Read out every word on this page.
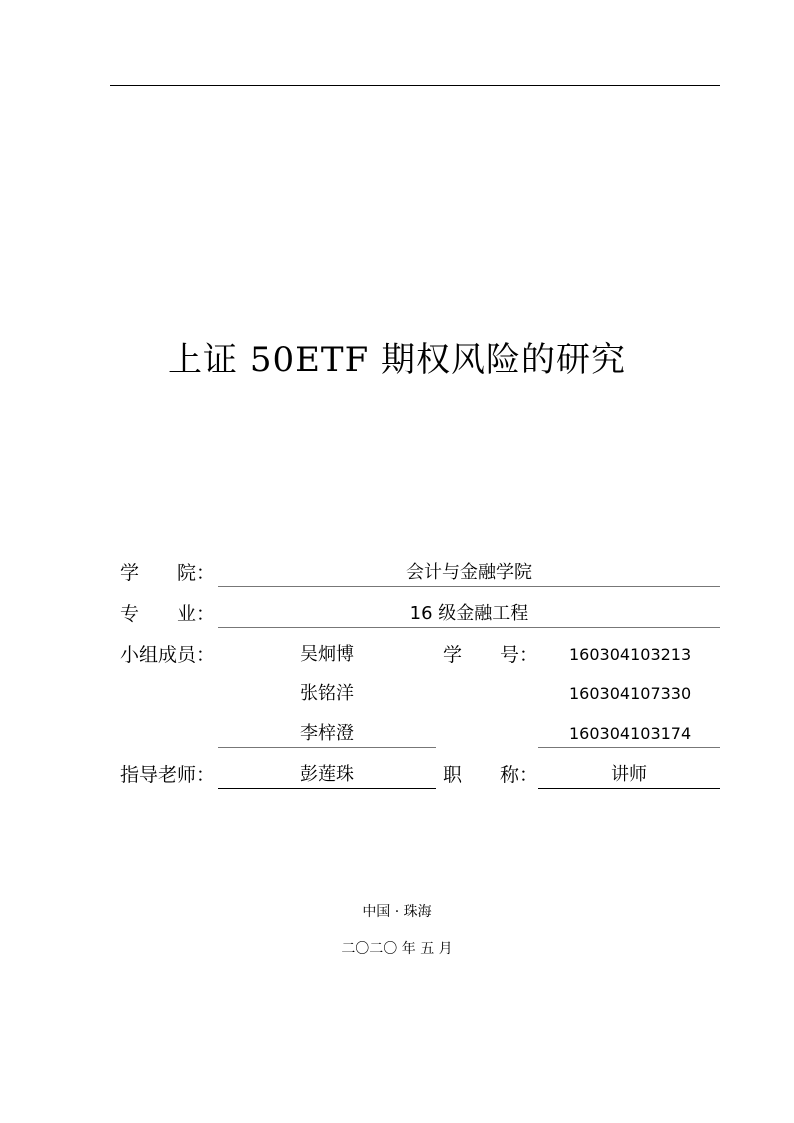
上证 50ETF 期权风险的研究
学　　院：	会计与金融学院
专　　业：	16 级金融工程
小组成员：	吴炯博	学　　号： 160304103213
张铭洋	160304107330
李梓澄	160304103174
指导老师：	彭莲珠	职　　称：	讲师
中国 · 珠海
二〇二〇 年 五 月
